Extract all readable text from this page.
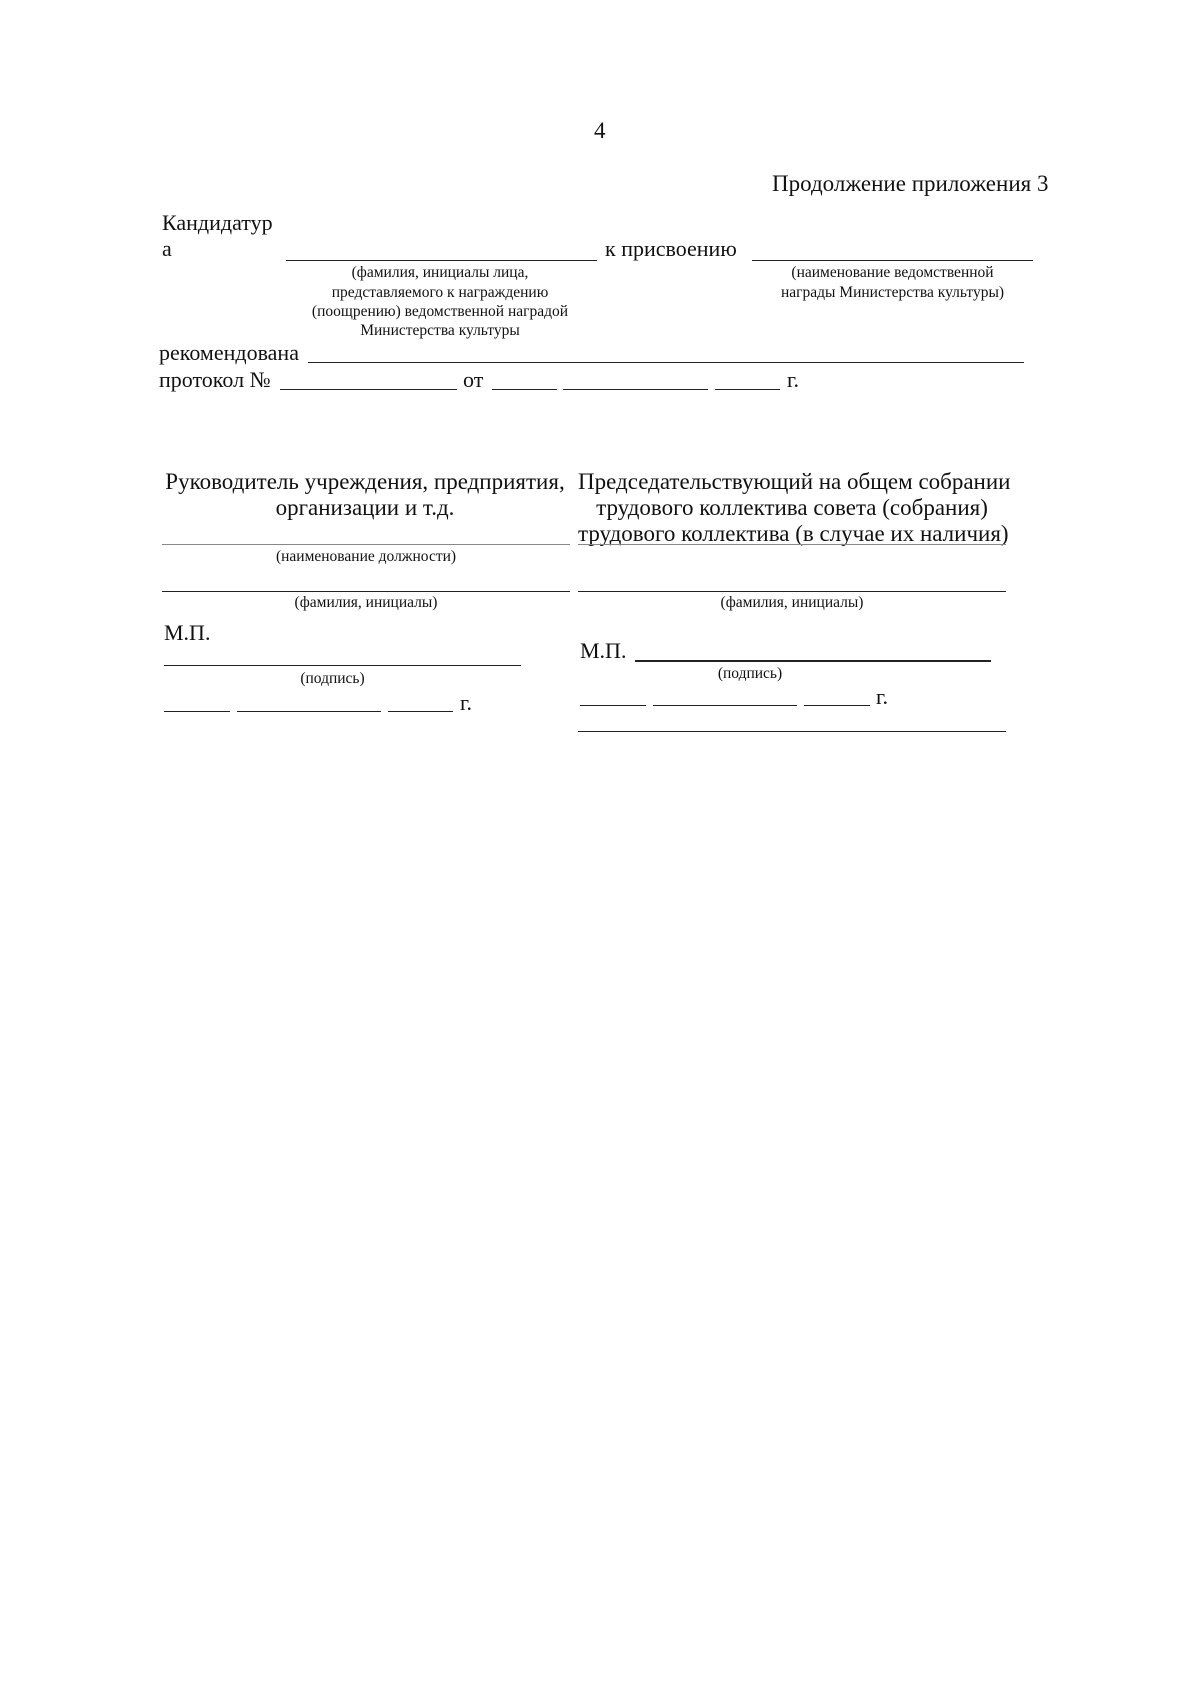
4
Продолжение приложения 3
Кандидатур
а	к присвоению
(фамилия, инициалы лица,
представляемого к награждению
(поощрению) ведомственной наградой
Министерства культуры
(наименование ведомственной
награды Министерства культуры)
рекомендована
протокол №	от	г.
Руководитель учреждения, предприятия,
организации и т.д.
(наименование должности)
(фамилия, инициалы)
М.П.
(подпись)
г.
Председательствующий на общем собрании
трудового коллектива совета (собрания)
трудового коллектива (в случае их наличия)
(фамилия, инициалы)
М.П.
(подпись)
г.
